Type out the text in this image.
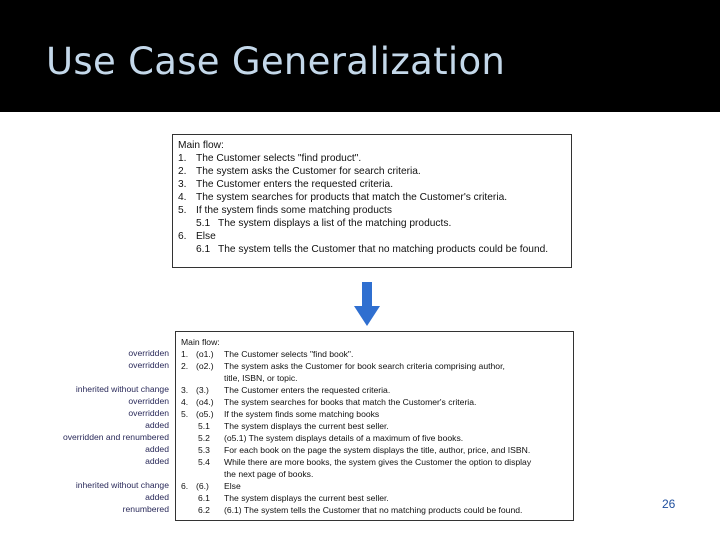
Use Case Generalization
Main flow:
1. The Customer selects "find product".
2. The system asks the Customer for search criteria.
3. The Customer enters the requested criteria.
4. The system searches for products that match the Customer's criteria.
5. If the system finds some matching products
5.1 The system displays a list of the matching products.
6. Else
6.1 The system tells the Customer that no matching products could be found.
overridden
overridden
inherited without change
overridden
overridden
added
overridden and renumbered
added
added
inherited without change
added
renumbered
Main flow:
1. (o1.) The Customer selects "find book".
2. (o2.) The system asks the Customer for book search criteria comprising author,
title, ISBN, or topic.
3. (3.) The Customer enters the requested criteria.
4. (o4.) The system searches for books that match the Customer's criteria.
5. (o5.) If the system finds some matching books
5.1 The system displays the current best seller.
5.2 (o5.1) The system displays details of a maximum of five books.
5.3 For each book on the page the system displays the title, author, price, and ISBN.
5.4 While there are more books, the system gives the Customer the option to display
the next page of books.
6. (6.) Else
6.1 The system displays the current best seller.
6.2 (6.1) The system tells the Customer that no matching products could be found.	26
